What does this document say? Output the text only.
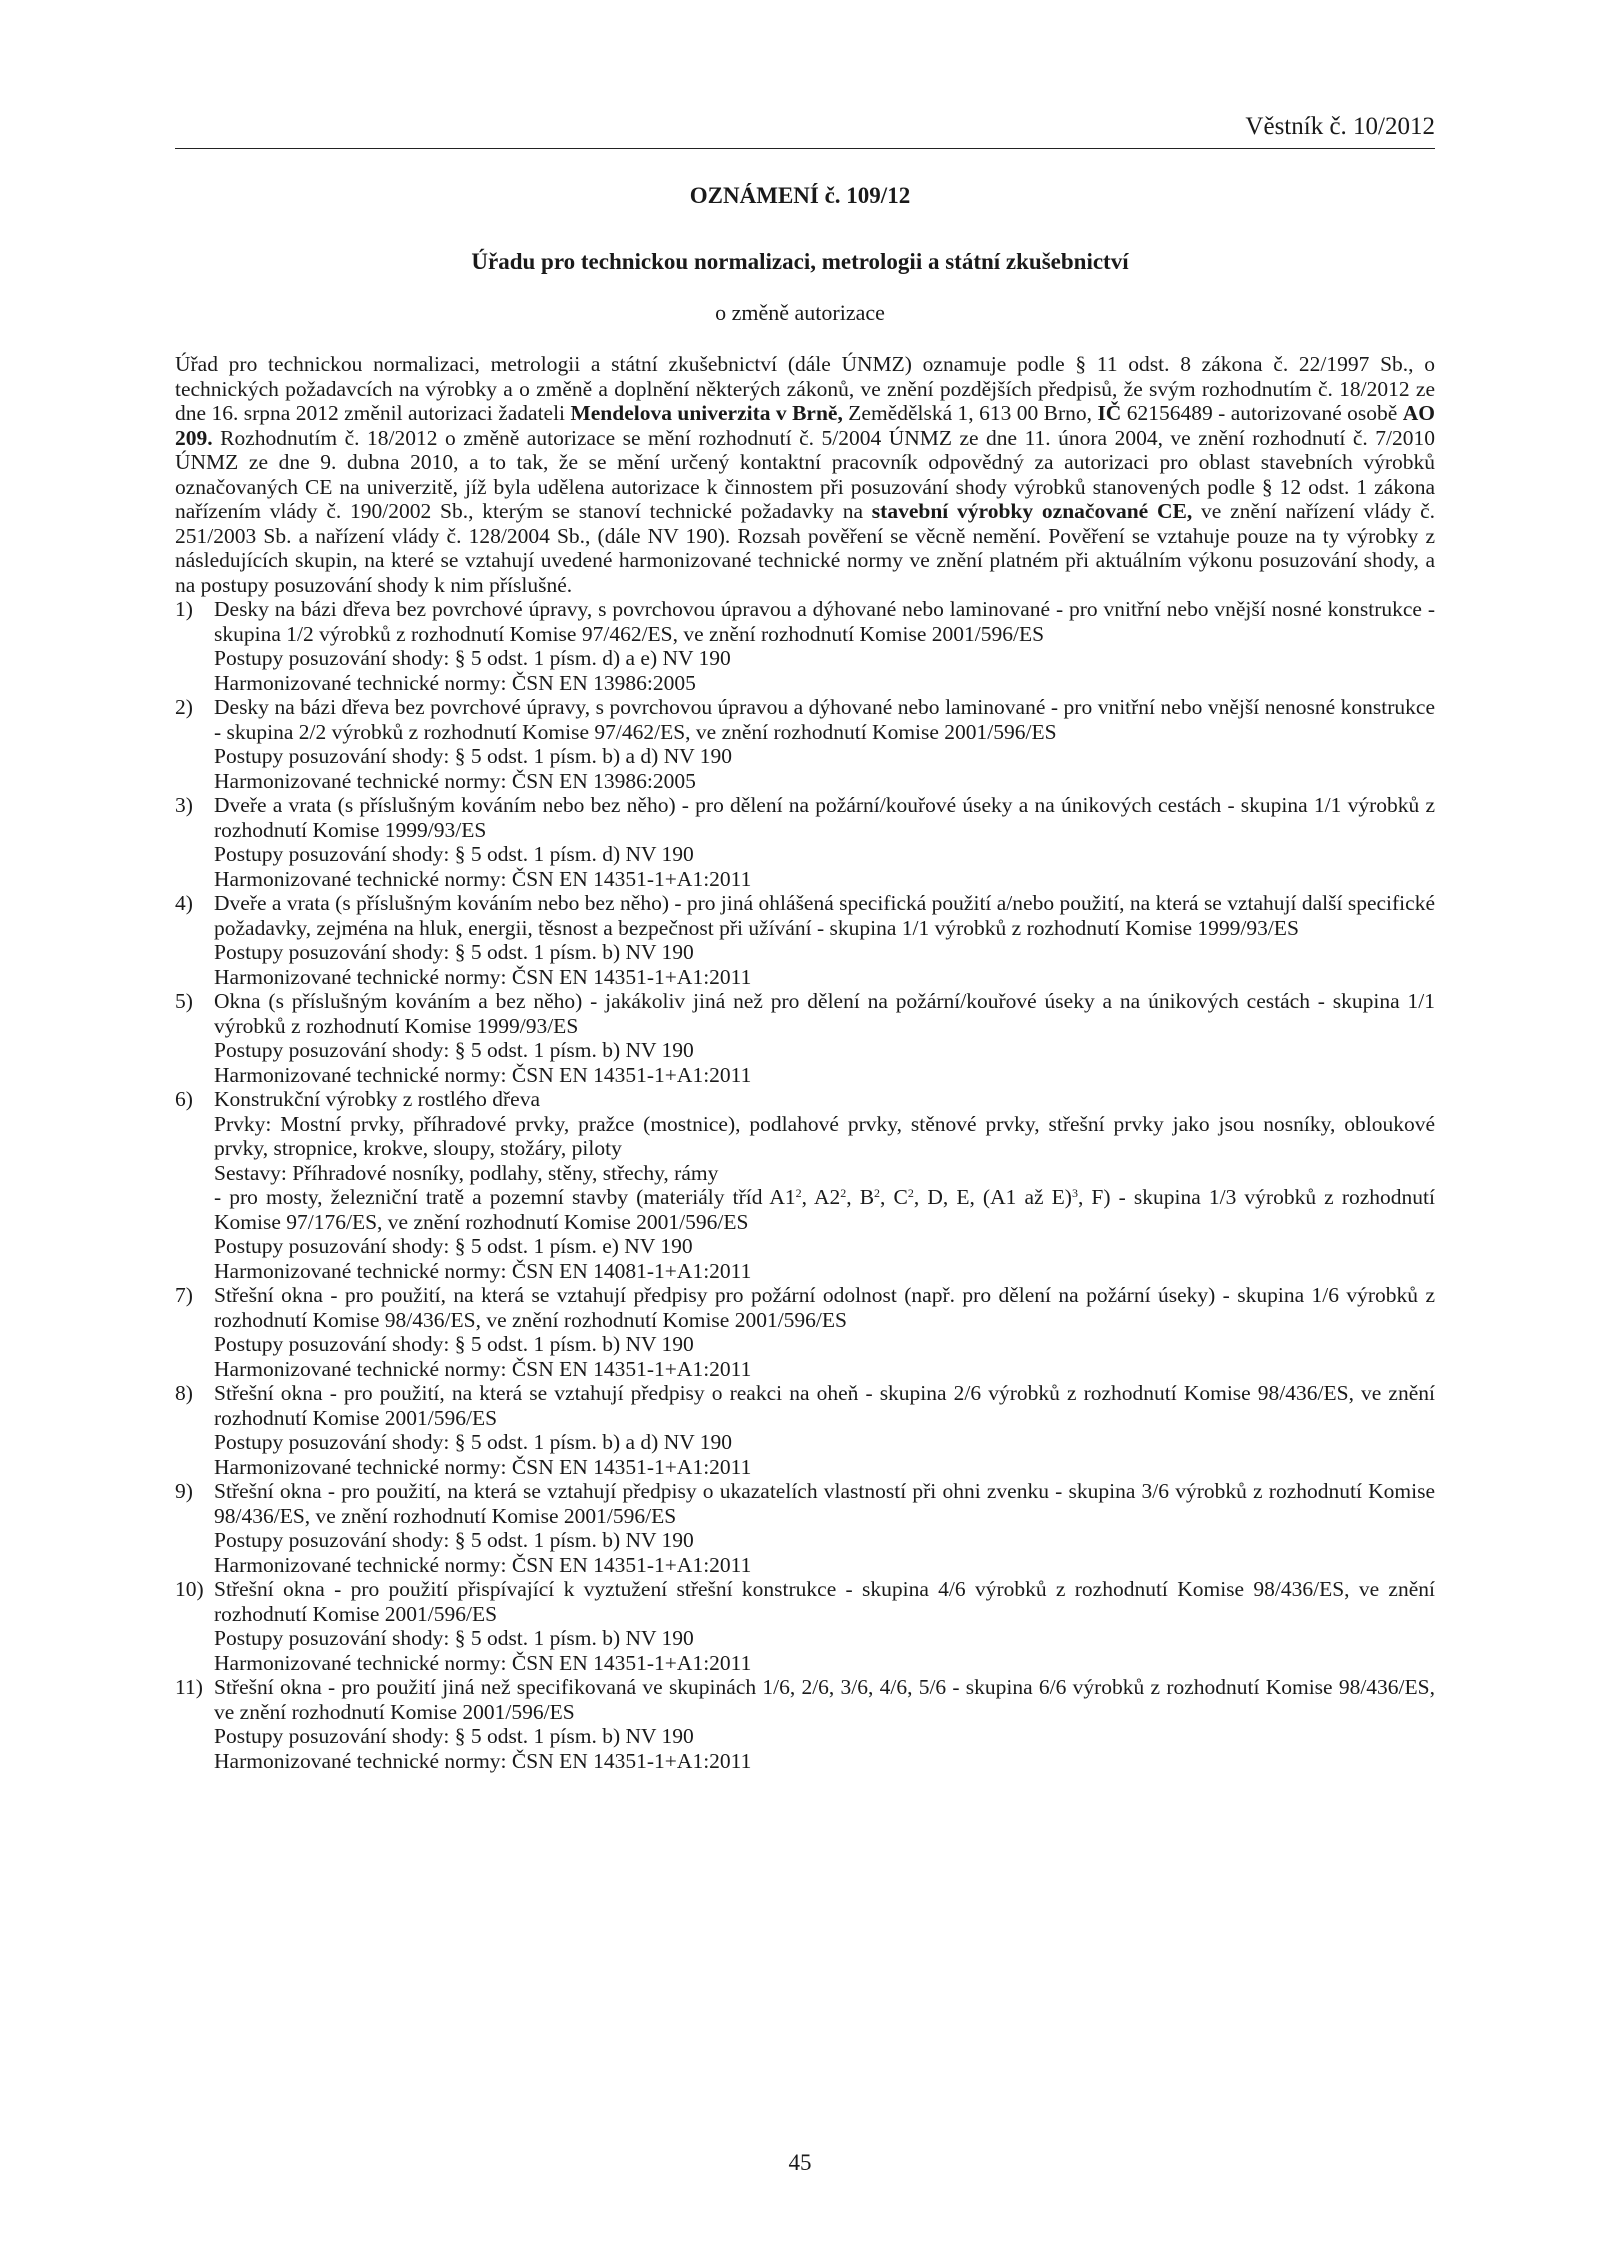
Věstník č. 10/2012
OZNÁMENÍ č. 109/12
Úřadu pro technickou normalizaci, metrologii a státní zkušebnictví
o změně autorizace

Úřad pro technickou normalizaci, metrologii a státní zkušebnictví (dále ÚNMZ) oznamuje podle § 11 odst. 8 zákona č. 22/1997 Sb., o technických požadavcích na výrobky a o změně a doplnění některých zákonů, ve znění pozdějších předpisů, že svým rozhodnutím č. 18/2012 ze dne 16. srpna 2012 změnil autorizaci žadateli Mendelova univerzita v Brně, Zemědělská 1, 613 00 Brno, IČ 62156489 - autorizované osobě AO 209. Rozhodnutím č. 18/2012 o změně autorizace se mění rozhodnutí č. 5/2004 ÚNMZ ze dne 11. února 2004, ve znění rozhodnutí č. 7/2010 ÚNMZ ze dne 9. dubna 2010, a to tak, že se mění určený kontaktní pracovník odpovědný za autorizaci pro oblast stavebních výrobků označovaných CE na univerzitě, jíž byla udělena autorizace k činnostem při posuzování shody výrobků stanovených podle § 12 odst. 1 zákona nařízením vlády č. 190/2002 Sb., kterým se stanoví technické požadavky na stavební výrobky označované CE, ve znění nařízení vlády č. 251/2003 Sb. a nařízení vlády č. 128/2004 Sb., (dále NV 190). Rozsah pověření se věcně nemění. Pověření se vztahuje pouze na ty výrobky z následujících skupin, na které se vztahují uvedené harmonizované technické normy ve znění platném při aktuálním výkonu posuzování shody, a na postupy posuzování shody k nim příslušné.

1) Desky na bázi dřeva bez povrchové úpravy, s povrchovou úpravou a dýhované nebo laminované - pro vnitřní nebo vnější nosné konstrukce - skupina 1/2 výrobků z rozhodnutí Komise 97/462/ES, ve znění rozhodnutí Komise 2001/596/ES
Postupy posuzování shody: § 5 odst. 1 písm. d) a e) NV 190
Harmonizované technické normy: ČSN EN 13986:2005
2) Desky na bázi dřeva bez povrchové úpravy, s povrchovou úpravou a dýhované nebo laminované - pro vnitřní nebo vnější nenosné konstrukce - skupina 2/2 výrobků z rozhodnutí Komise 97/462/ES, ve znění rozhodnutí Komise 2001/596/ES
Postupy posuzování shody: § 5 odst. 1 písm. b) a d) NV 190
Harmonizované technické normy: ČSN EN 13986:2005
3) Dveře a vrata (s příslušným kováním nebo bez něho) - pro dělení na požární/kouřové úseky a na únikových cestách - skupina 1/1 výrobků z rozhodnutí Komise 1999/93/ES
Postupy posuzování shody: § 5 odst. 1 písm. d) NV 190
Harmonizované technické normy: ČSN EN 14351-1+A1:2011
4) Dveře a vrata (s příslušným kováním nebo bez něho) - pro jiná ohlášená specifická použití a/nebo použití, na která se vztahují další specifické požadavky, zejména na hluk, energii, těsnost a bezpečnost při užívání - skupina 1/1 výrobků z rozhodnutí Komise 1999/93/ES
Postupy posuzování shody: § 5 odst. 1 písm. b) NV 190
Harmonizované technické normy: ČSN EN 14351-1+A1:2011
5) Okna (s příslušným kováním a bez něho) - jakákoliv jiná než pro dělení na požární/kouřové úseky a na únikových cestách - skupina 1/1 výrobků z rozhodnutí Komise 1999/93/ES
Postupy posuzování shody: § 5 odst. 1 písm. b) NV 190
Harmonizované technické normy: ČSN EN 14351-1+A1:2011
6) Konstrukční výrobky z rostlého dřeva
Prvky: Mostní prvky, příhradové prvky, pražce (mostnice), podlahové prvky, stěnové prvky, střešní prvky jako jsou nosníky, obloukové prvky, stropnice, krokve, sloupy, stožáry, piloty
Sestavy: Příhradové nosníky, podlahy, stěny, střechy, rámy
- pro mosty, železniční tratě a pozemní stavby (materiály tříd $A1^2$, $A2^2$, $B^2$, $C^2$, D, E, (A1 až E)$^3$, F) - skupina 1/3 výrobků z rozhodnutí Komise 97/176/ES, ve znění rozhodnutí Komise 2001/596/ES
Postupy posuzování shody: § 5 odst. 1 písm. e) NV 190
Harmonizované technické normy: ČSN EN 14081-1+A1:2011
7) Střešní okna - pro použití, na která se vztahují předpisy pro požární odolnost (např. pro dělení na požární úseky) - skupina 1/6 výrobků z rozhodnutí Komise 98/436/ES, ve znění rozhodnutí Komise 2001/596/ES
Postupy posuzování shody: § 5 odst. 1 písm. b) NV 190
Harmonizované technické normy: ČSN EN 14351-1+A1:2011
8) Střešní okna - pro použití, na která se vztahují předpisy o reakci na oheň - skupina 2/6 výrobků z rozhodnutí Komise 98/436/ES, ve znění rozhodnutí Komise 2001/596/ES
Postupy posuzování shody: § 5 odst. 1 písm. b) a d) NV 190
Harmonizované technické normy: ČSN EN 14351-1+A1:2011
9) Střešní okna - pro použití, na která se vztahují předpisy o ukazatelích vlastností při ohni zvenku - skupina 3/6 výrobků z rozhodnutí Komise 98/436/ES, ve znění rozhodnutí Komise 2001/596/ES
Postupy posuzování shody: § 5 odst. 1 písm. b) NV 190
Harmonizované technické normy: ČSN EN 14351-1+A1:2011
10) Střešní okna - pro použití přispívající k vyztužení střešní konstrukce - skupina 4/6 výrobků z rozhodnutí Komise 98/436/ES, ve znění rozhodnutí Komise 2001/596/ES
Postupy posuzování shody: § 5 odst. 1 písm. b) NV 190
Harmonizované technické normy: ČSN EN 14351-1+A1:2011
11) Střešní okna - pro použití jiná než specifikovaná ve skupinách 1/6, 2/6, 3/6, 4/6, 5/6 - skupina 6/6 výrobků z rozhodnutí Komise 98/436/ES, ve znění rozhodnutí Komise 2001/596/ES
Postupy posuzování shody: § 5 odst. 1 písm. b) NV 190
Harmonizované technické normy: ČSN EN 14351-1+A1:2011
45
